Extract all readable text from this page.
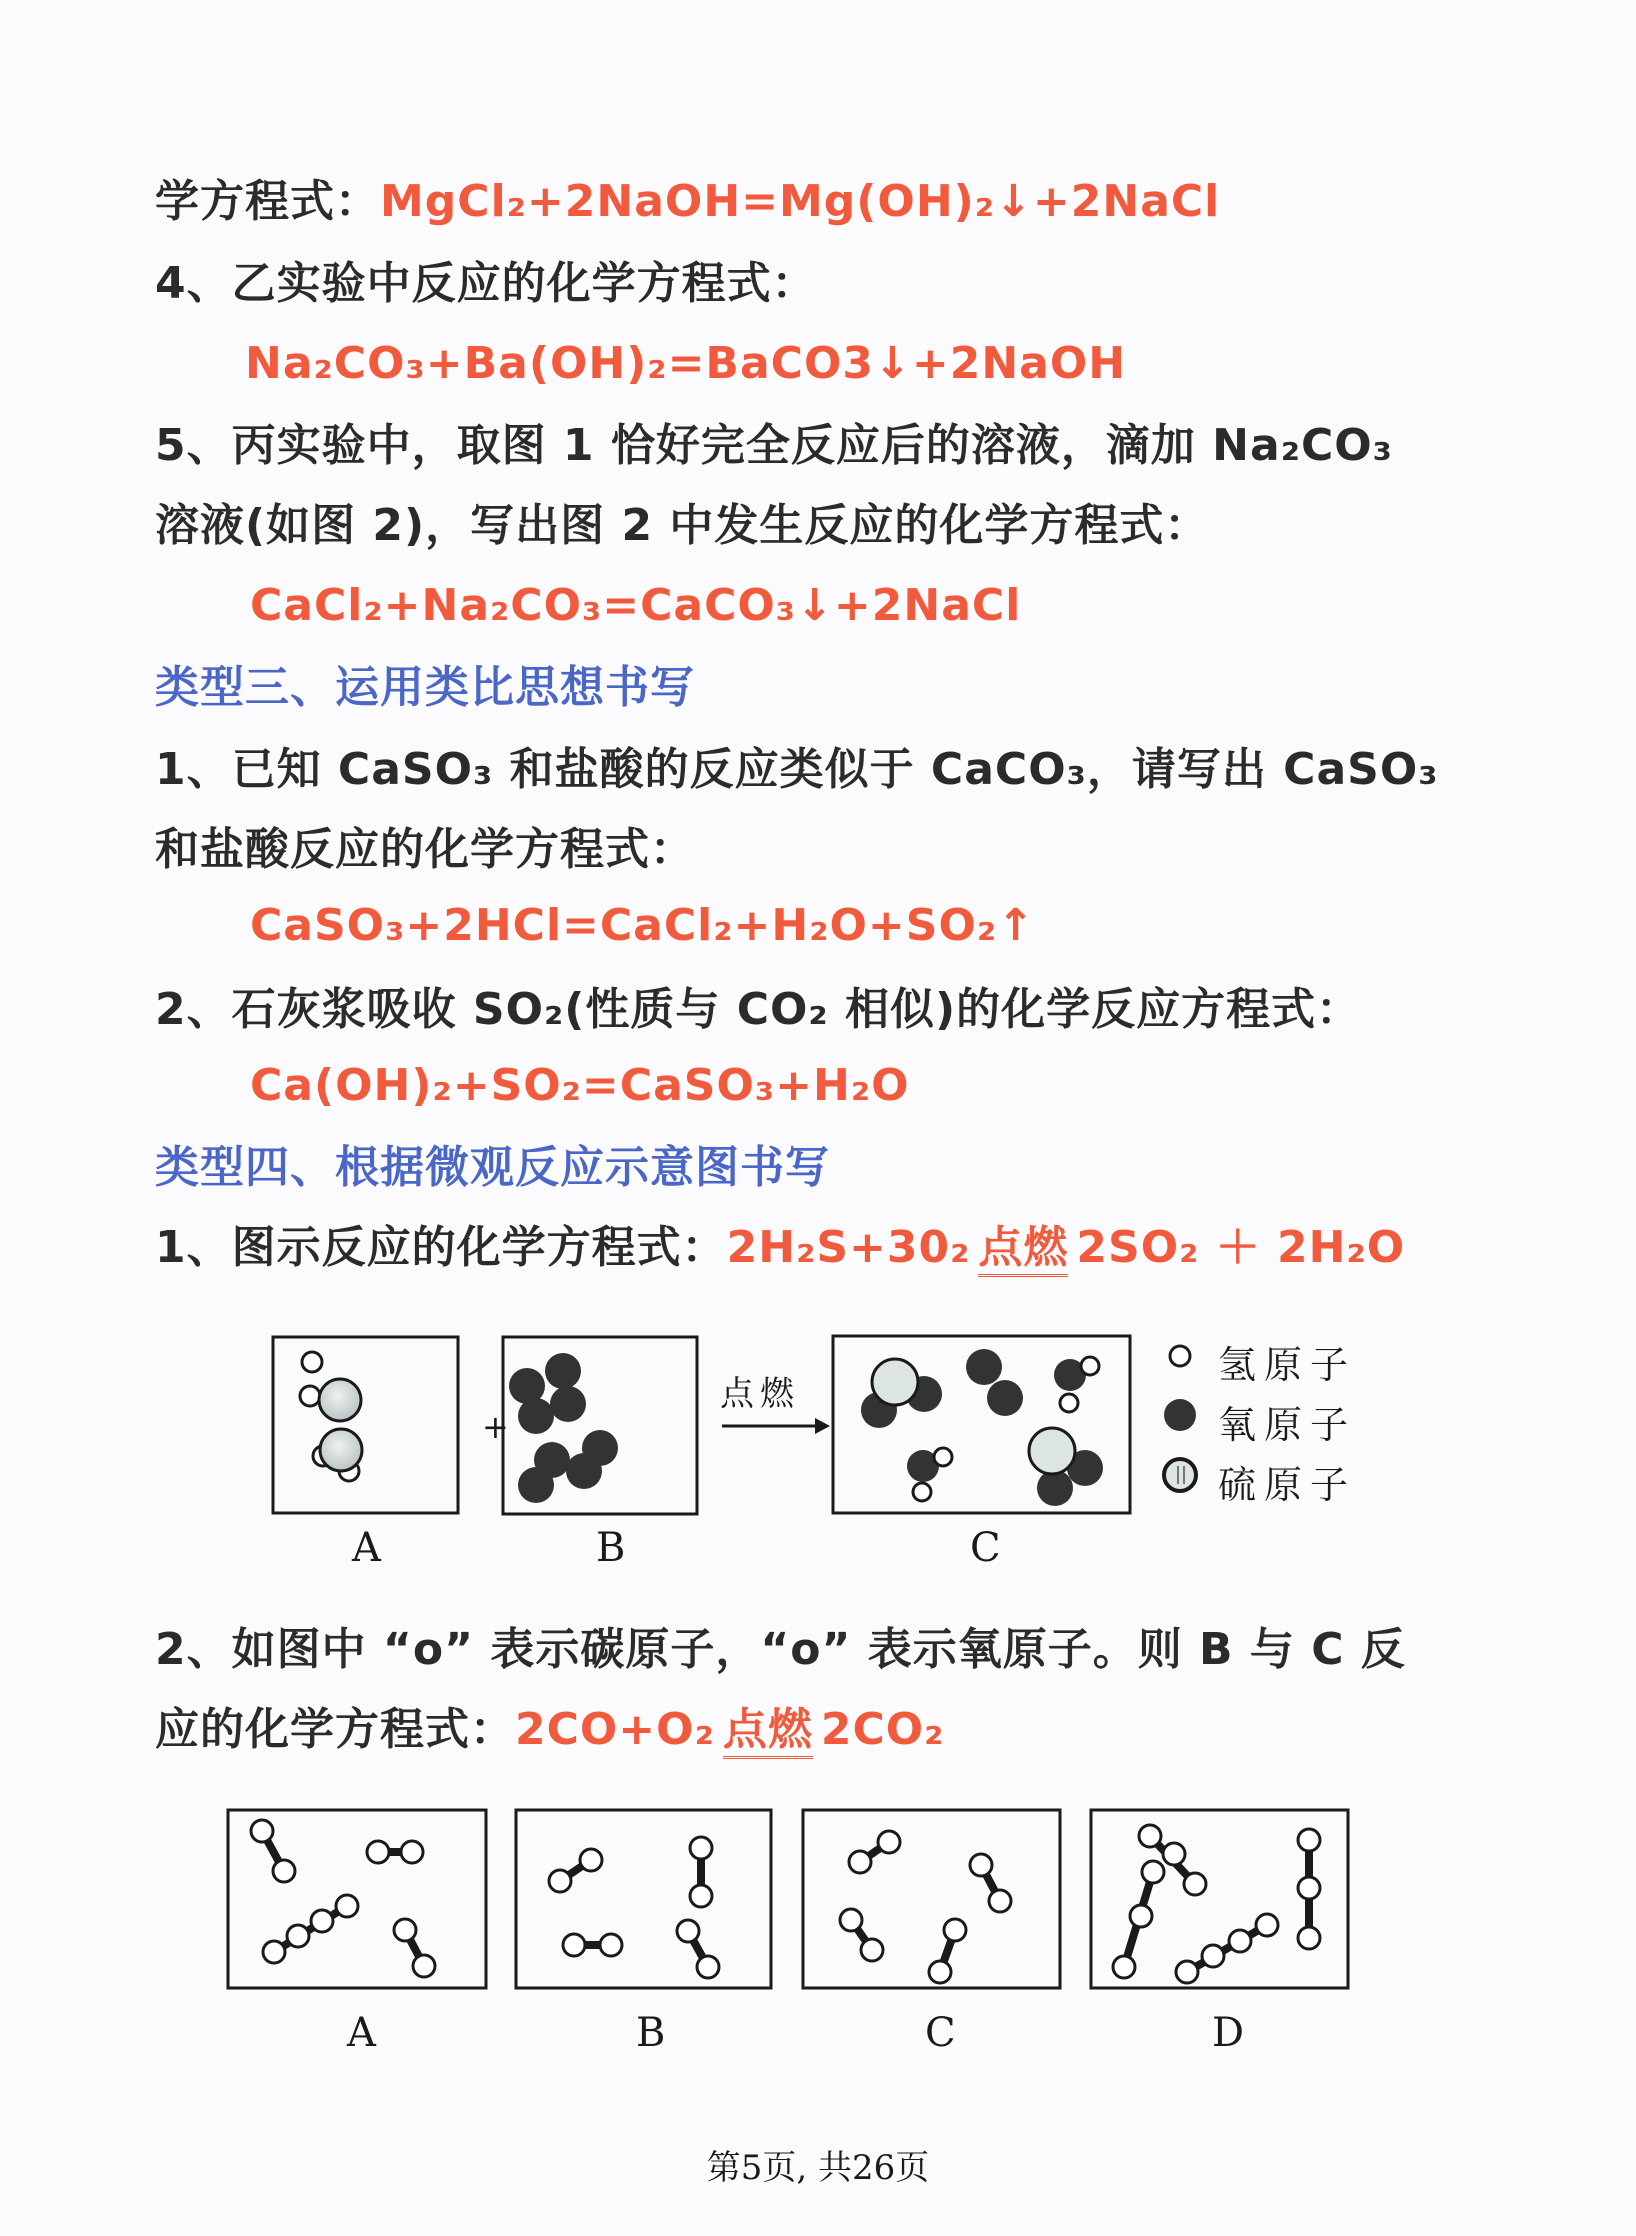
学方程式：MgCl₂+2NaOH=Mg(OH)₂↓+2NaCl
4、乙实验中反应的化学方程式：
Na₂CO₃+Ba(OH)₂=BaCO3↓+2NaOH
5、丙实验中，取图 1 恰好完全反应后的溶液，滴加 Na₂CO₃
溶液(如图 2)，写出图 2 中发生反应的化学方程式：
CaCl₂+Na₂CO₃=CaCO₃↓+2NaCl
类型三、运用类比思想书写
1、已知 CaSO₃ 和盐酸的反应类似于 CaCO₃，请写出 CaSO₃
和盐酸反应的化学方程式：
CaSO₃+2HCl=CaCl₂+H₂O+SO₂↑
2、石灰浆吸收 SO₂(性质与 CO₂ 相似)的化学反应方程式：
Ca(OH)₂+SO₂=CaSO₃+H₂O
类型四、根据微观反应示意图书写
1、图示反应的化学方程式：2H₂S+30₂ 点燃 2SO₂ ＋ 2H₂O
+
点燃
A	B	C
氢原子
氧原子
硫原子
2、如图中 “o” 表示碳原子，“o” 表示氧原子。则 B 与 C 反
应的化学方程式：2CO+O₂ 点燃 2CO₂
A	B	C	D
第5页, 共26页
